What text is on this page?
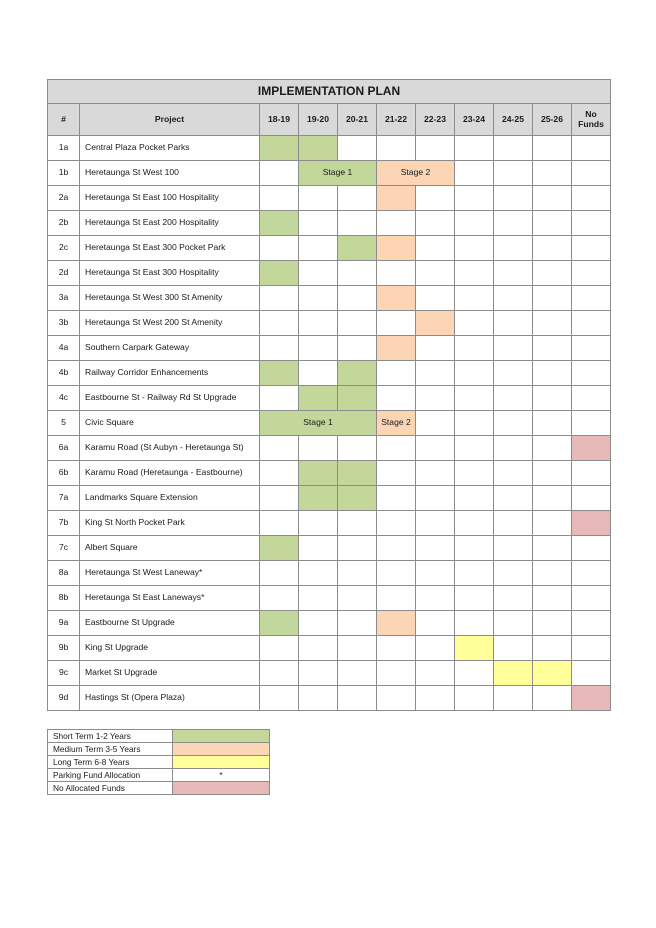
IMPLEMENTATION PLAN										
#	Project	18-19	19-20	20-21	21-22	22-23	23-24	24-25	25-26	No
Funds
1a	Central Plaza Pocket Parks									
1b	Heretaunga St West 100		Stage 1		Stage 2					
2a	Heretaunga St East 100 Hospitality									
2b	Heretaunga St East 200 Hospitality									
2c	Heretaunga St East 300 Pocket Park									
2d	Heretaunga St East 300 Hospitality									
3a	Heretaunga St West 300 St Amenity									
3b	Heretaunga St West 200 St Amenity									
4a	Southern Carpark Gateway									
4b	Railway Corridor Enhancements									
4c	Eastbourne St - Railway Rd St Upgrade									
5	Civic Square	Stage 1			Stage 2					
6a	Karamu Road (St Aubyn - Heretaunga St)									
6b	Karamu Road (Heretaunga - Eastbourne)									
7a	Landmarks Square Extension									
7b	King St North Pocket Park									
7c	Albert Square									
8a	Heretaunga St West Laneway*									
8b	Heretaunga St East Laneways*									
9a	Eastbourne St Upgrade									
9b	King St Upgrade									
9c	Market St Upgrade									
9d	Hastings St (Opera Plaza)									
Short Term 1-2 Years	
Medium Term 3-5 Years	
Long Term 6-8 Years	
Parking Fund Allocation	*
No Allocated Funds	
